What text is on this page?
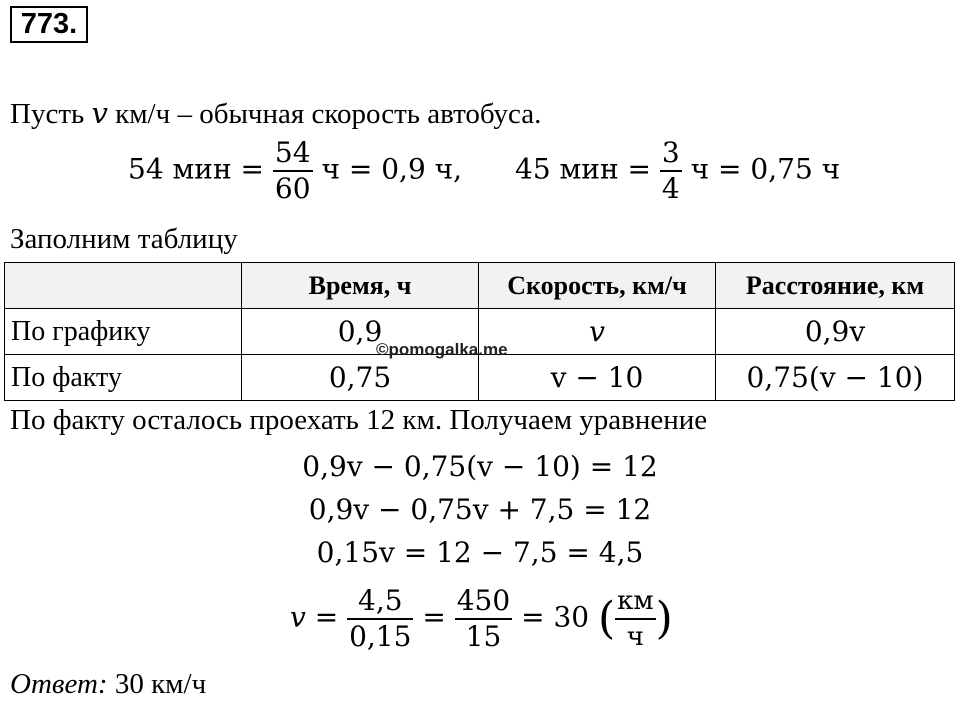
773.
Пусть v км/ч – обычная скорость автобуса.
54 мин = $\frac{54}{60}$ ч = 0,9 ч, 45 мин = $\frac{3}{4}$ ч = 0,75 ч
Заполним таблицу
	Время, ч	Скорость, км/ч	Расстояние, км
По графику	0,9	v	0,9v
По факту	0,75	v − 10	0,75(v − 10)
©pomogalka.me
По факту осталось проехать 12 км. Получаем уравнение
0,9v − 0,75(v − 10) = 12
0,9v − 0,75v + 7,5 = 12
0,15v = 12 − 7,5 = 4,5
$v = \frac{4,5}{0,15} = \frac{450}{15} = 30$ ( $\frac{км}{ч}$ )
Ответ: 30 км/ч
